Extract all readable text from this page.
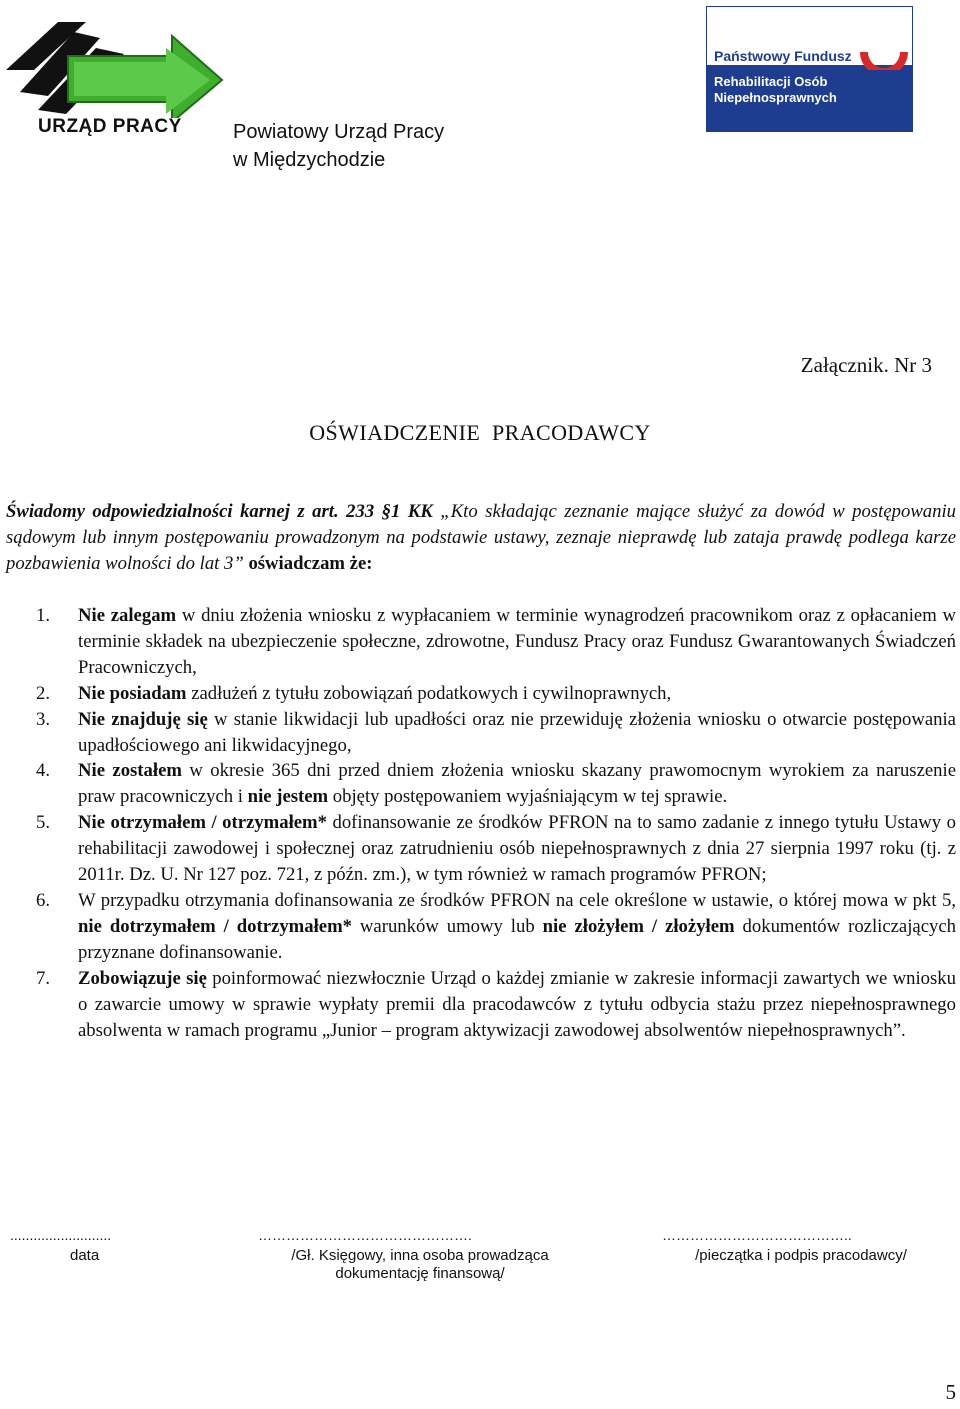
URZĄD PRACY
Państwowy Fundusz
Rehabilitacji Osób Niepełnosprawnych
Powiatowy Urząd Pracy
w Międzychodzie
Załącznik. Nr 3
OŚWIADCZENIE  PRACODAWCY
Świadomy odpowiedzialności karnej z art. 233 §1 KK „Kto składając zeznanie mające służyć za dowód w postępowaniu sądowym lub innym postępowaniu prowadzonym na podstawie ustawy, zeznaje nieprawdę lub zataja prawdę podlega karze pozbawienia wolności do lat 3” oświadczam że:
1.	Nie zalegam w dniu złożenia wniosku z wypłacaniem w terminie wynagrodzeń pracownikom oraz z opłacaniem w terminie składek na ubezpieczenie społeczne, zdrowotne, Fundusz Pracy oraz Fundusz Gwarantowanych Świadczeń Pracowniczych,
2.	Nie posiadam zadłużeń z tytułu zobowiązań podatkowych i cywilnoprawnych,
3.	Nie znajduję się w stanie likwidacji lub upadłości oraz nie przewiduję złożenia wniosku o otwarcie postępowania upadłościowego ani likwidacyjnego,
4.	Nie zostałem w okresie 365 dni przed dniem złożenia wniosku skazany prawomocnym wyrokiem za naruszenie praw pracowniczych i nie jestem objęty postępowaniem wyjaśniającym w tej sprawie.
5.	Nie otrzymałem / otrzymałem* dofinansowanie ze środków PFRON na to samo zadanie z innego tytułu Ustawy o rehabilitacji zawodowej i społecznej oraz zatrudnieniu osób niepełnosprawnych z dnia 27 sierpnia 1997 roku (tj. z 2011r. Dz. U. Nr 127 poz. 721, z późn. zm.), w tym również w ramach programów PFRON;
6.	W przypadku otrzymania dofinansowania ze środków PFRON na cele określone w ustawie, o której mowa w pkt 5, nie dotrzymałem / dotrzymałem* warunków umowy lub nie złożyłem / złożyłem dokumentów rozliczających przyznane dofinansowanie.
7.	Zobowiązuje się poinformować niezwłocznie Urząd o każdej zmianie w zakresie informacji zawartych we wniosku o zawarcie umowy w sprawie wypłaty premii dla pracodawców z tytułu odbycia stażu przez niepełnosprawnego absolwenta w ramach programu „Junior – program aktywizacji zawodowej absolwentów niepełnosprawnych”.
..........................
data
……………………………………….
/Gł. Księgowy, inna osoba prowadząca dokumentację finansową/
…………………………………..
/pieczątka i podpis pracodawcy/
5
